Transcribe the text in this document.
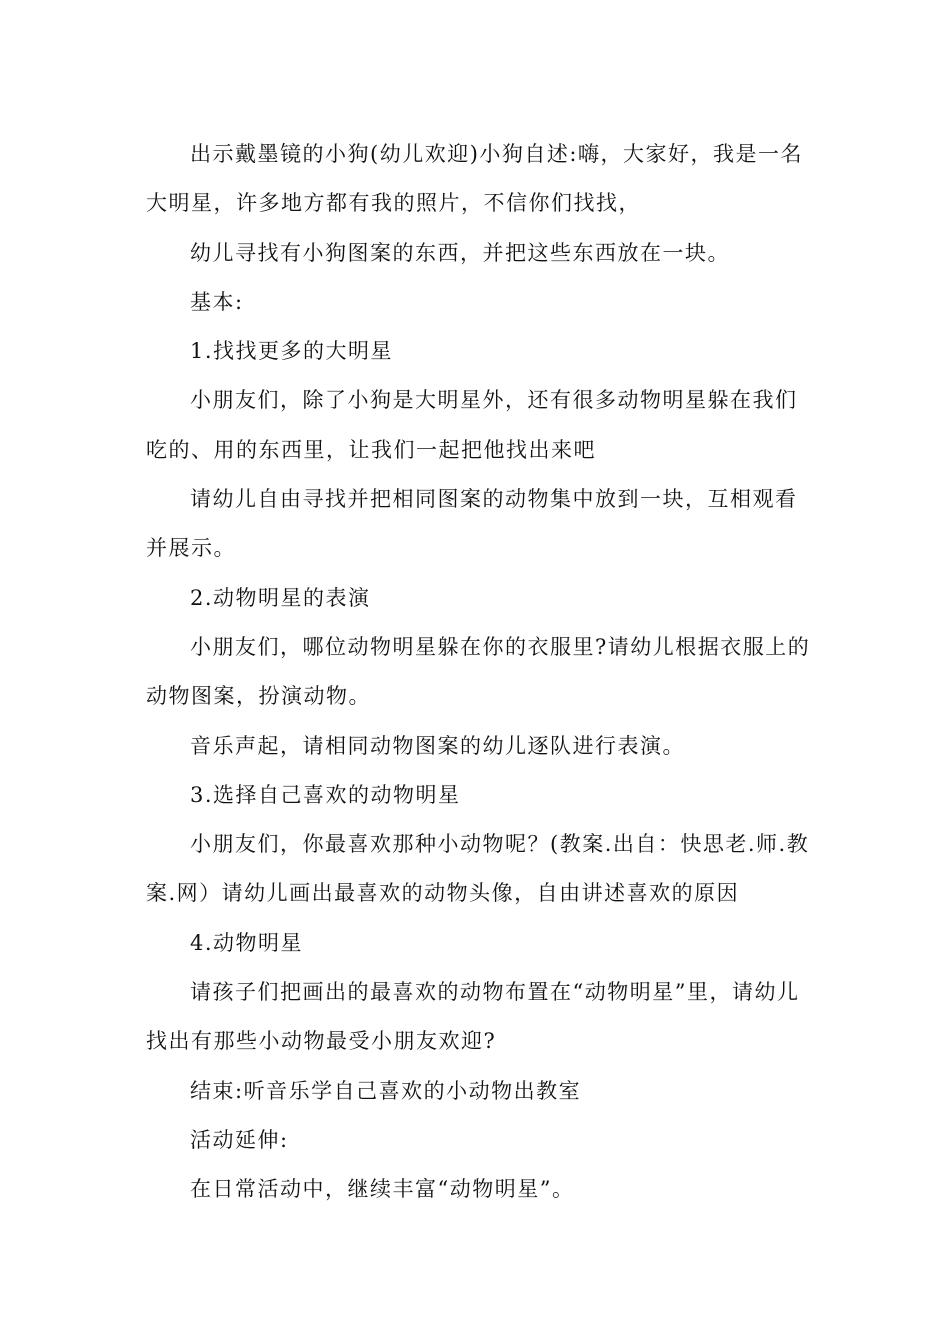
出示戴墨镜的小狗(幼儿欢迎)小狗自述:嗨，大家好，我是一名大明星，许多地方都有我的照片，不信你们找找，

幼儿寻找有小狗图案的东西，并把这些东西放在一块。

基本:

1.找找更多的大明星

小朋友们，除了小狗是大明星外，还有很多动物明星躲在我们吃的、用的东西里，让我们一起把他找出来吧

请幼儿自由寻找并把相同图案的动物集中放到一块，互相观看并展示。

2.动物明星的表演

小朋友们，哪位动物明星躲在你的衣服里?请幼儿根据衣服上的动物图案，扮演动物。

音乐声起，请相同动物图案的幼儿逐队进行表演。

3.选择自己喜欢的动物明星

小朋友们，你最喜欢那种小动物呢？(教案.出自：快思老.师.教案.网）请幼儿画出最喜欢的动物头像，自由讲述喜欢的原因

4.动物明星

请孩子们把画出的最喜欢的动物布置在“动物明星”里，请幼儿找出有那些小动物最受小朋友欢迎?

结束:听音乐学自己喜欢的小动物出教室

活动延伸:

在日常活动中，继续丰富“动物明星”。
